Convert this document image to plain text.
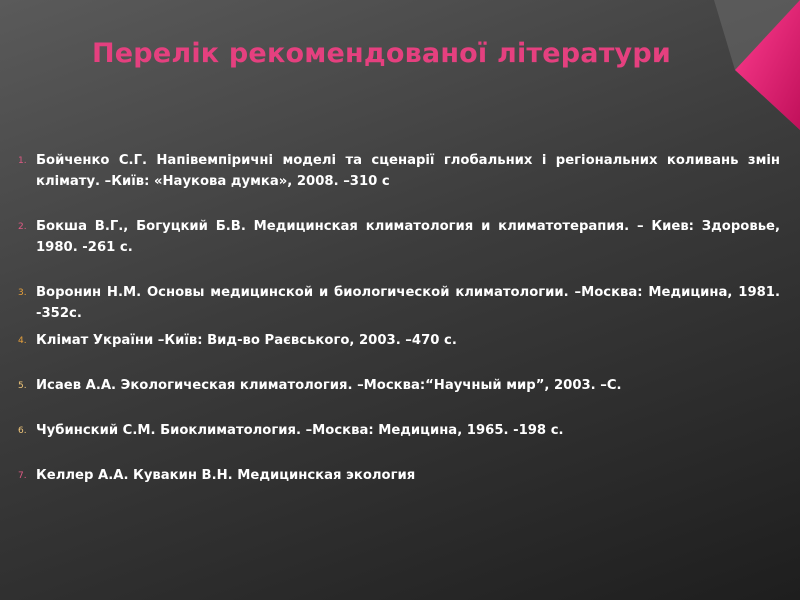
Перелік рекомендованої літератури
1. Бойченко С.Г. Напівемпіричні моделі та сценарії глобальних і регіональних коливань змін клімату. –Київ: «Наукова думка», 2008. –310 с
2. Бокша В.Г., Богуцкий Б.В. Медицинская климатология и климатотерапия. – Киев: Здоровье, 1980. -261 с.
3. Воронин Н.М. Основы медицинской и биологической климатологии. –Москва: Медицина, 1981. -352с.
4. Клімат України –Київ: Вид-во Раєвського, 2003. –470 с.
5. Исаев А.А. Экологическая климатология. –Москва:“Научный мир”, 2003. –С.
6. Чубинский С.М. Биоклиматология. –Москва: Медицина, 1965. -198 с.
7. Келлер А.А. Кувакин В.Н. Медицинская экология
